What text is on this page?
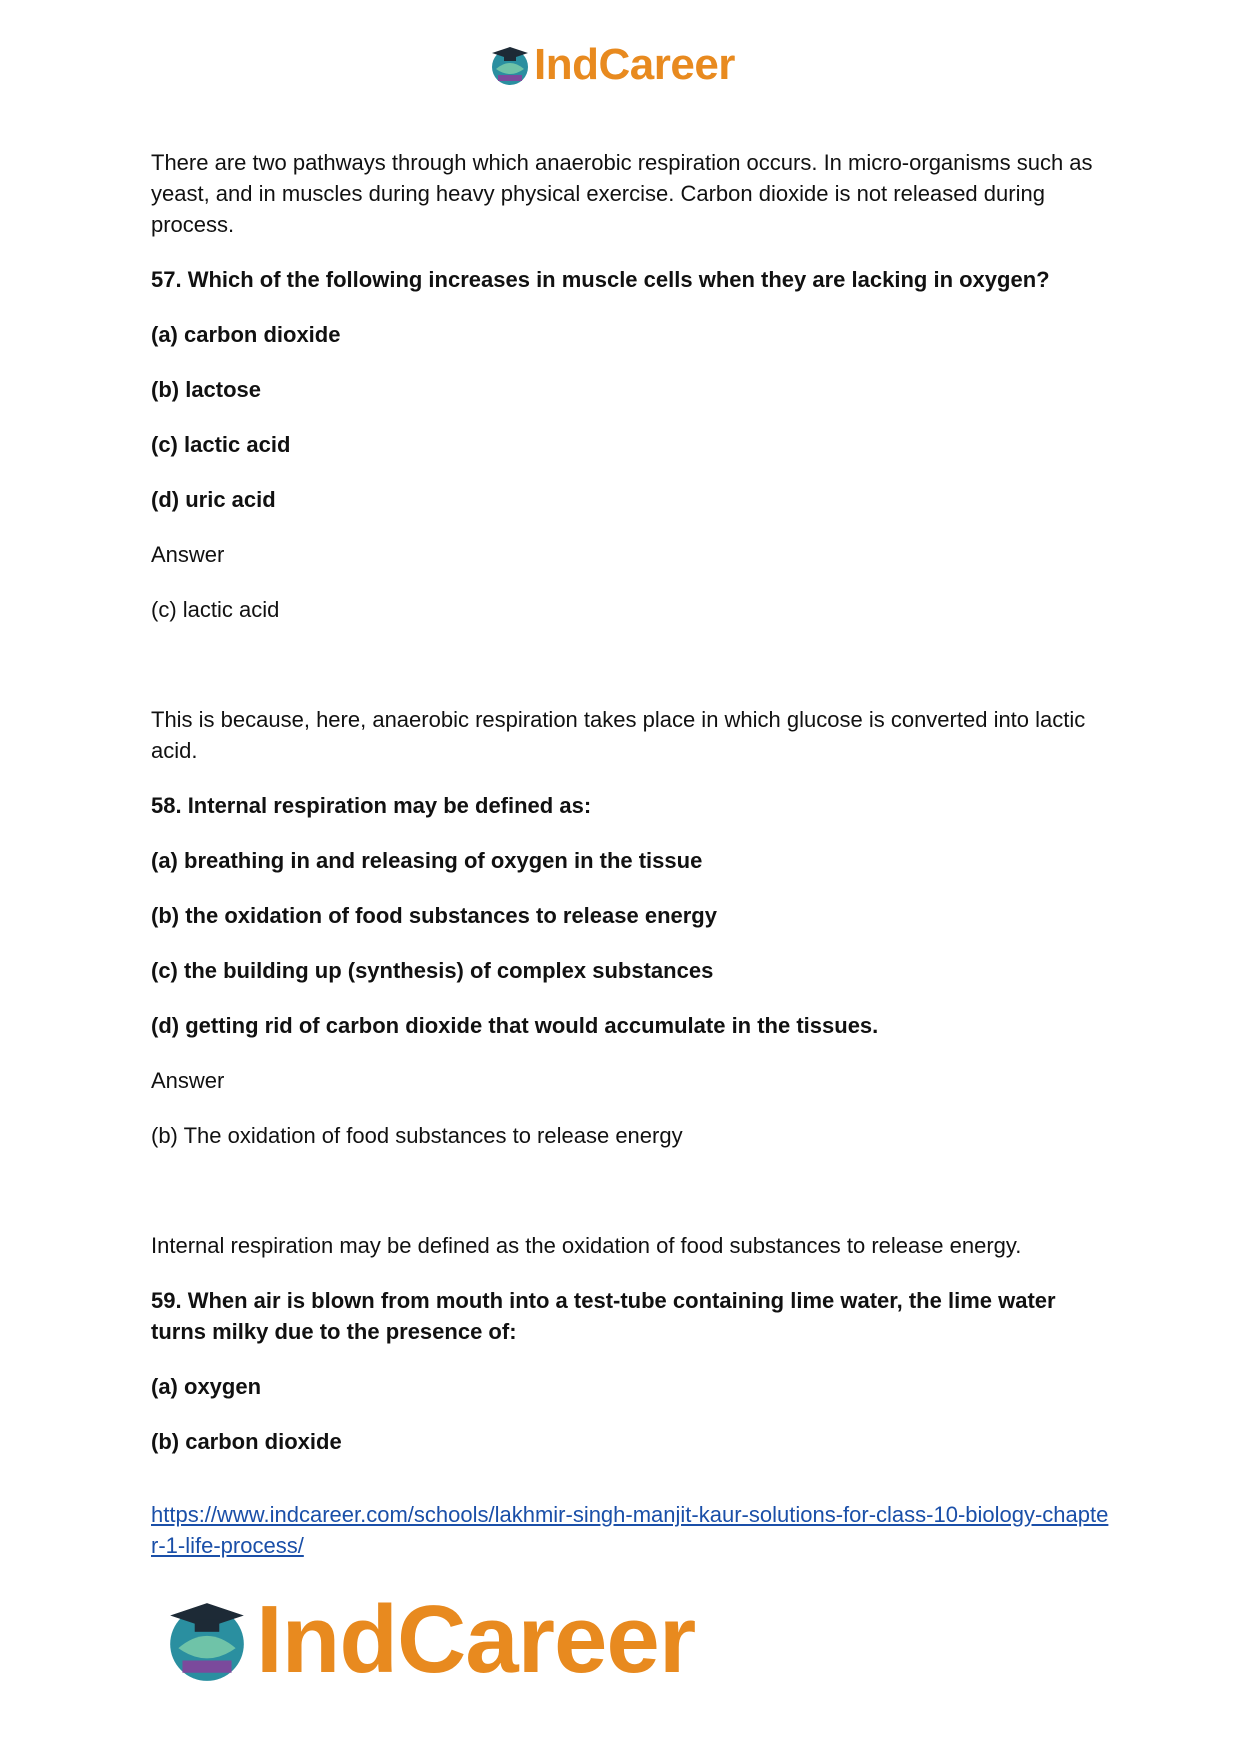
IndCareer

There are two pathways through which anaerobic respiration occurs. In micro-organisms such as yeast, and in muscles during heavy physical exercise. Carbon dioxide is not released during process.

57. Which of the following increases in muscle cells when they are lacking in oxygen?

(a) carbon dioxide

(b) lactose

(c) lactic acid

(d) uric acid

Answer

(c) lactic acid

This is because, here, anaerobic respiration takes place in which glucose is converted into lactic acid.

58. Internal respiration may be defined as:

(a) breathing in and releasing of oxygen in the tissue

(b) the oxidation of food substances to release energy

(c) the building up (synthesis) of complex substances

(d) getting rid of carbon dioxide that would accumulate in the tissues.

Answer

(b) The oxidation of food substances to release energy

Internal respiration may be defined as the oxidation of food substances to release energy.

59. When air is blown from mouth into a test-tube containing lime water, the lime water turns milky due to the presence of:

(a) oxygen

(b) carbon dioxide

https://www.indcareer.com/schools/lakhmir-singh-manjit-kaur-solutions-for-class-10-biology-chapter-1-life-process/
IndCareer
